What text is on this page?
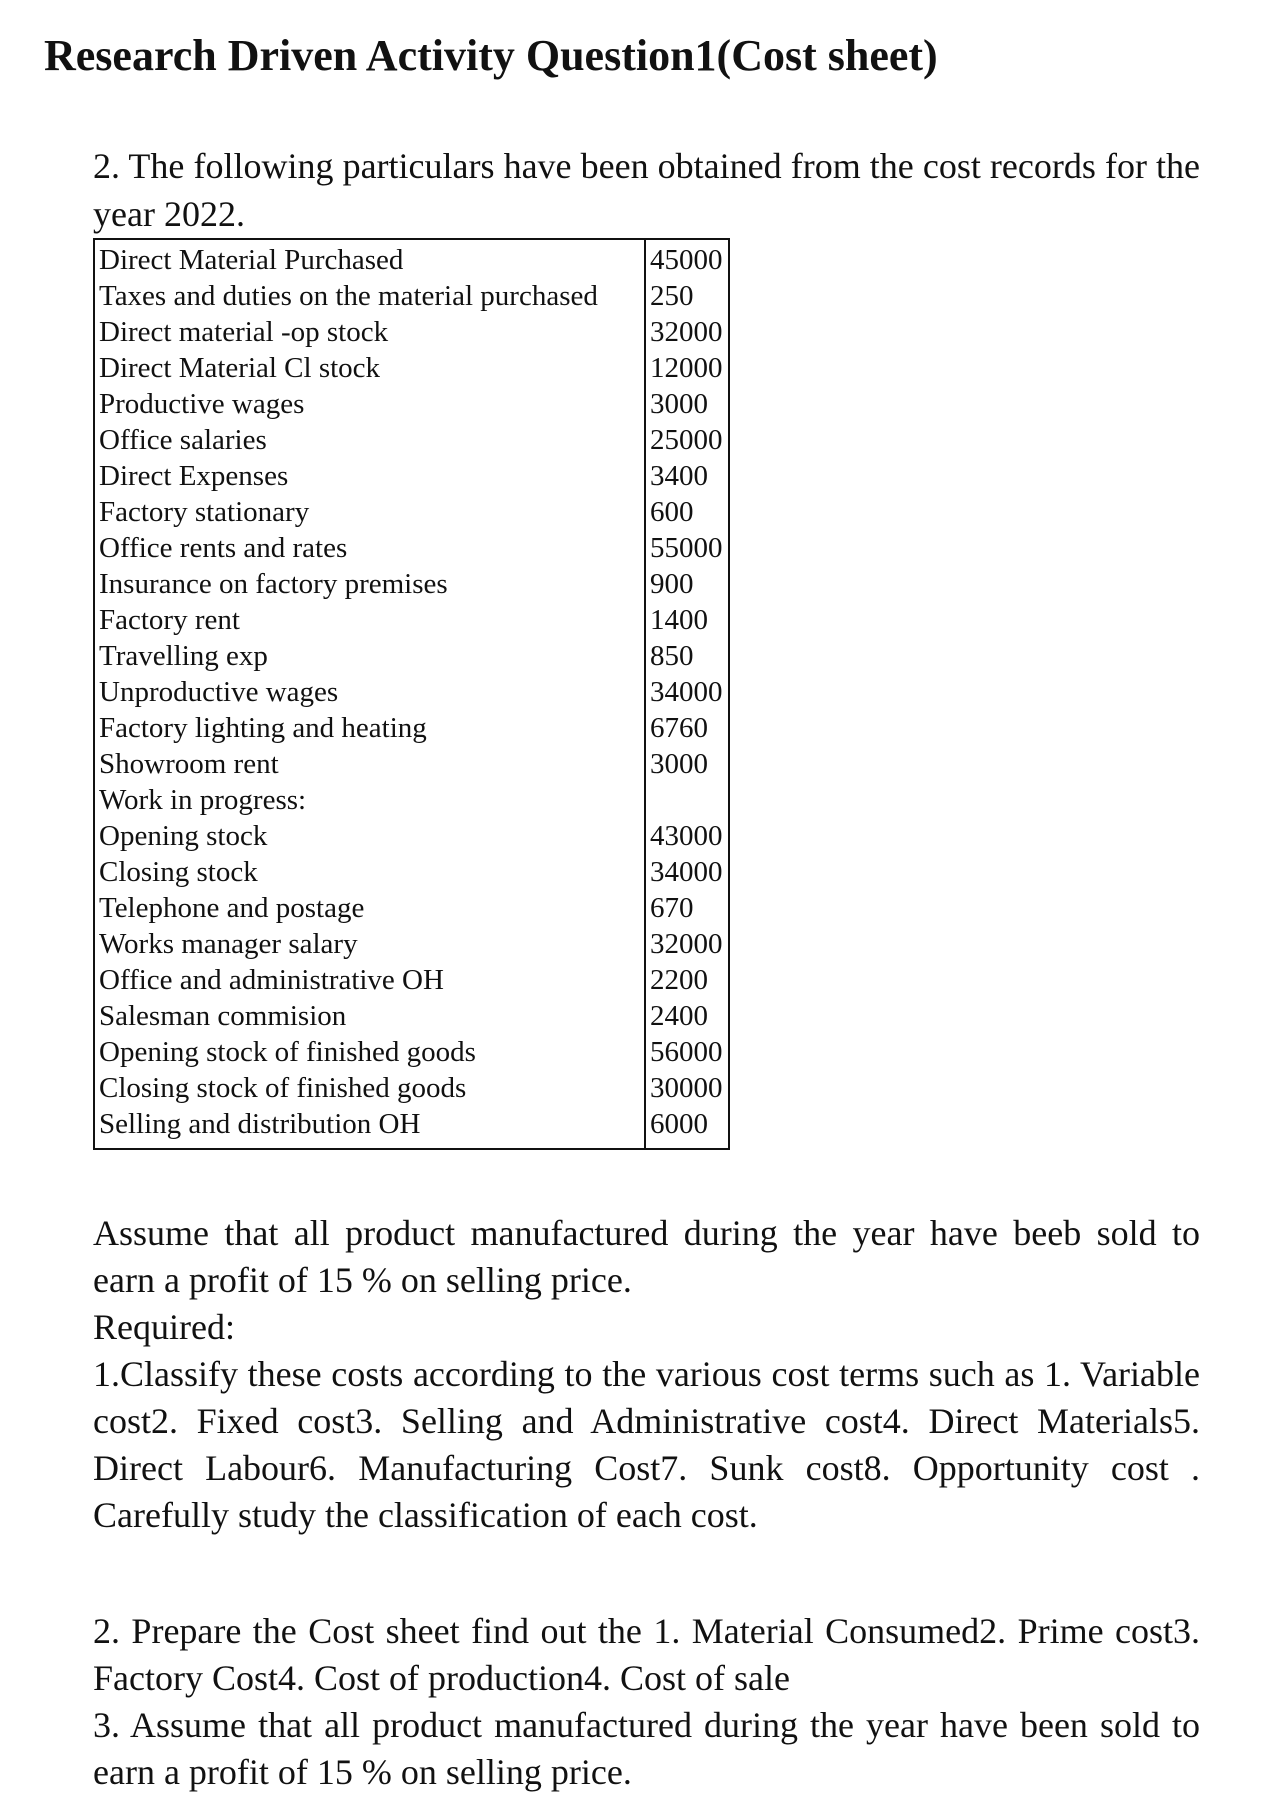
Research Driven Activity Question1(Cost sheet)
2. The following particulars have been obtained from the cost records for the year 2022.
Direct Material Purchased	45000
Taxes and duties on the material purchased 250
Direct material -op stock	32000
Direct Material Cl stock	12000
Productive wages	3000
Office salaries	25000
Direct Expenses	3400
Factory stationary	600
Office rents and rates	55000
Insurance on factory premises	900
Factory rent	1400
Travelling exp	850
Unproductive wages	34000
Factory lighting and heating	6760
Showroom rent	3000
Work in progress:
Opening stock	43000
Closing stock	34000
Telephone and postage	670
Works manager salary	32000
Office and administrative OH	2200
Salesman commision	2400
Opening stock of finished goods	56000
Closing stock of finished goods	30000
Selling and distribution OH	6000
Assume that all product manufactured during the year have beeb sold to earn a profit of 15 % on selling price.
Required:
1.Classify these costs according to the various cost terms such as 1. Variable cost2. Fixed cost3. Selling and Administrative cost4. Direct Materials5. Direct Labour6. Manufacturing Cost7. Sunk cost8. Opportunity cost . Carefully study the classification of each cost.
2. Prepare the Cost sheet find out the 1. Material Consumed2. Prime cost3. Factory Cost4. Cost of production4. Cost of sale
3. Assume that all product manufactured during the year have been sold to earn a profit of 15 % on selling price.
